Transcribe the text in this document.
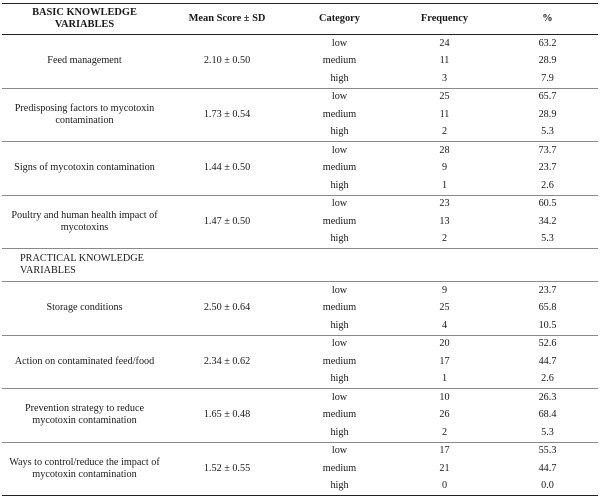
BASIC KNOWLEDGE VARIABLES	Mean Score ± SD	Category	Frequency	%
Feed management	2.10 ± 0.50	low	24	63.2
		medium	11	28.9
		high	3	7.9
Predisposing factors to mycotoxin contamination	1.73 ± 0.54	low	25	65.7
		medium	11	28.9
		high	2	5.3
Signs of mycotoxin contamination	1.44 ± 0.50	low	28	73.7
		medium	9	23.7
		high	1	2.6
Poultry and human health impact of mycotoxins	1.47 ± 0.50	low	23	60.5
		medium	13	34.2
		high	2	5.3
PRACTICAL KNOWLEDGE VARIABLES				
Storage conditions	2.50 ± 0.64	low	9	23.7
		medium	25	65.8
		high	4	10.5
Action on contaminated feed/food	2.34 ± 0.62	low	20	52.6
		medium	17	44.7
		high	1	2.6
Prevention strategy to reduce mycotoxin contamination	1.65 ± 0.48	low	10	26.3
		medium	26	68.4
		high	2	5.3
Ways to control/reduce the impact of mycotoxin contamination	1.52 ± 0.55	low	17	55.3
		medium	21	44.7
		high	0	0.0
